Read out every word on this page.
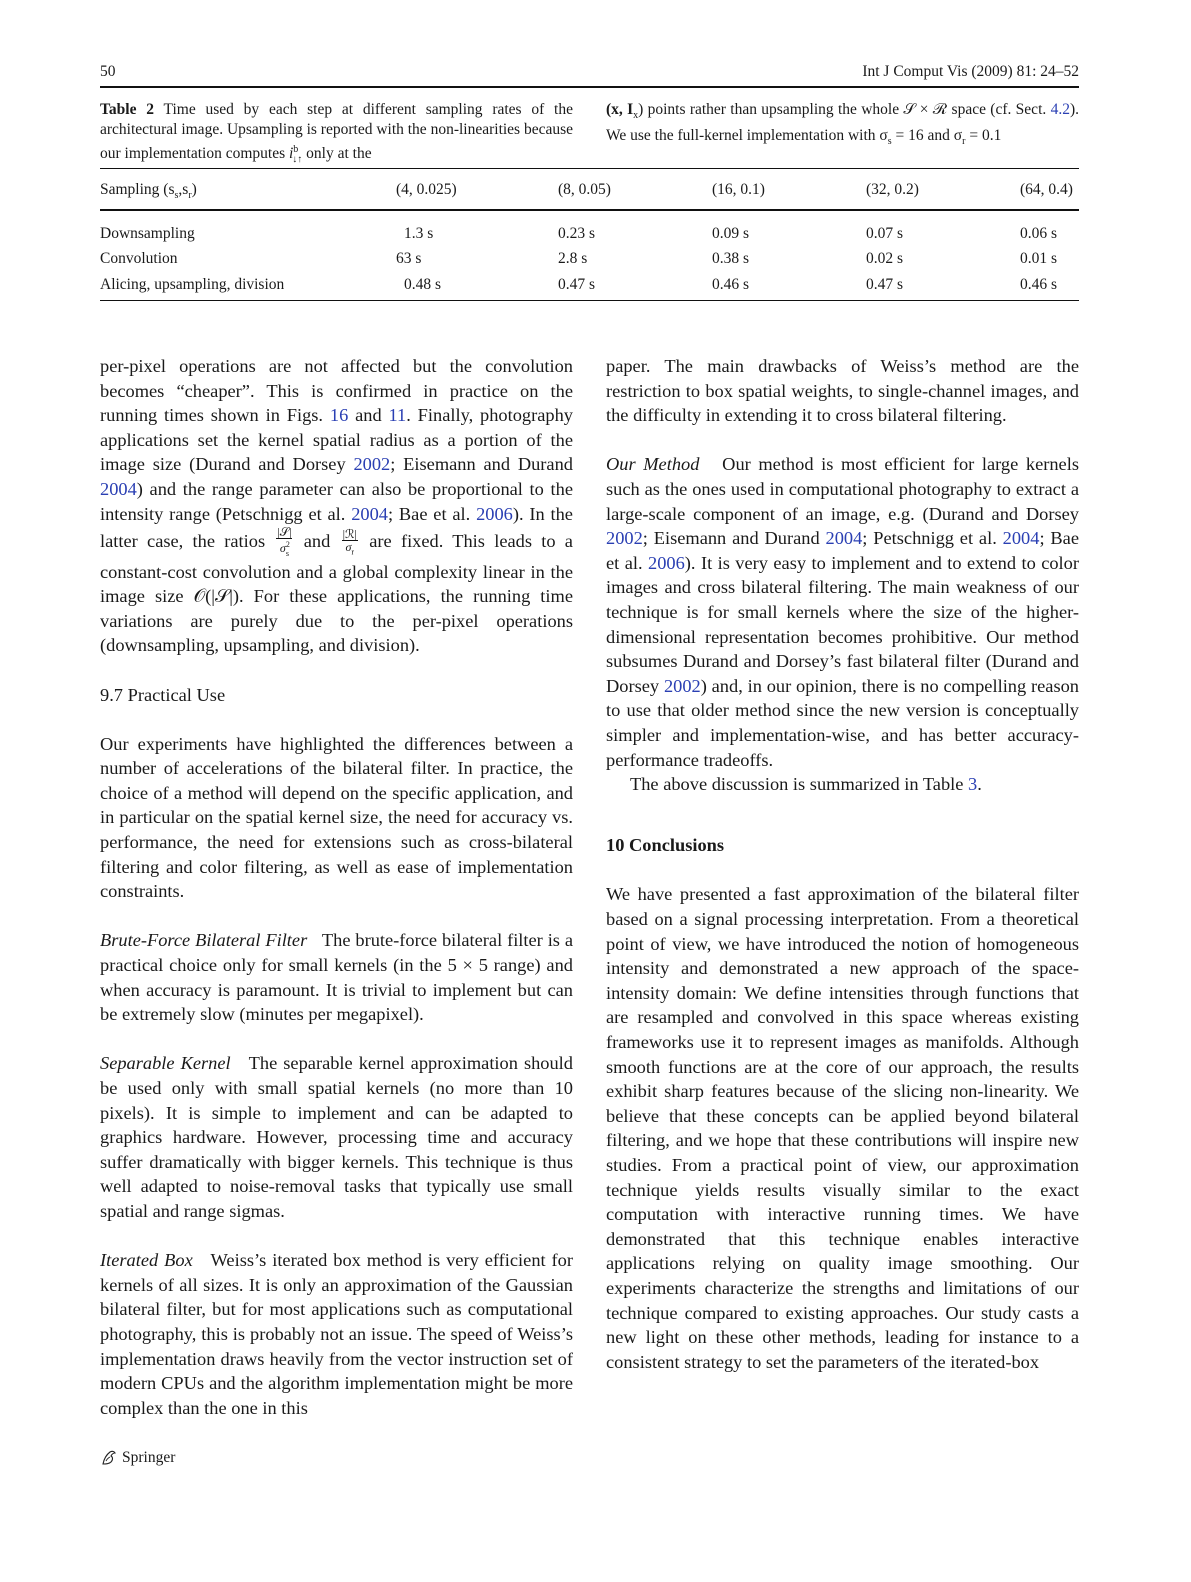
50	Int J Comput Vis (2009) 81: 24–52
Table 2 Time used by each step at different sampling rates of the architectural image. Upsampling is reported with the non-linearities because our implementation computes $i^b_{↓↑}$ only at the
(x, $I_x$) points rather than upsampling the whole 𝒮 × ℛ space (cf. Sect. 4.2). We use the full-kernel implementation with $\sigma_s = 16$ and $\sigma_r = 0.1$
Sampling $(s_s,s_r)$	(4, 0.025)	(8, 0.05)	(16, 0.1)	(32, 0.2)	(64, 0.4)
Downsampling	1.3 s	0.23 s	0.09 s	0.07 s	0.06 s
Convolution	63 s	2.8 s	0.38 s	0.02 s	0.01 s
Alicing, upsampling, division	0.48 s	0.47 s	0.46 s	0.47 s	0.46 s

per-pixel operations are not affected but the convolution becomes “cheaper”. This is confirmed in practice on the running times shown in Figs. 16 and 11. Finally, photography applications set the kernel spatial radius as a portion of the image size (Durand and Dorsey 2002; Eisemann and Durand 2004) and the range parameter can also be proportional to the intensity range (Petschnigg et al. 2004; Bae et al. 2006). In the latter case, the ratios $\frac{\text{|𝒮|}}{\sigma^2_s}$ and $\frac{\text{|ℛ|}}{\sigma_r}$ are fixed. This leads to a constant-cost convolution and a global complexity linear in the image size 𝒪(|𝒮|). For these applications, the running time variations are purely due to the per-pixel operations (downsampling, upsampling, and division).

9.7 Practical Use

Our experiments have highlighted the differences between a number of accelerations of the bilateral filter. In practice, the choice of a method will depend on the specific application, and in particular on the spatial kernel size, the need for accuracy vs. performance, the need for extensions such as cross-bilateral filtering and color filtering, as well as ease of implementation constraints.

Brute-Force Bilateral Filter The brute-force bilateral filter is a practical choice only for small kernels (in the 5 × 5 range) and when accuracy is paramount. It is trivial to implement but can be extremely slow (minutes per megapixel).

Separable Kernel The separable kernel approximation should be used only with small spatial kernels (no more than 10 pixels). It is simple to implement and can be adapted to graphics hardware. However, processing time and accuracy suffer dramatically with bigger kernels. This technique is thus well adapted to noise-removal tasks that typically use small spatial and range sigmas.

Iterated Box Weiss’s iterated box method is very efficient for kernels of all sizes. It is only an approximation of the Gaussian bilateral filter, but for most applications such as computational photography, this is probably not an issue. The speed of Weiss’s implementation draws heavily from the vector instruction set of modern CPUs and the algorithm implementation might be more complex than the one in this

paper. The main drawbacks of Weiss’s method are the restriction to box spatial weights, to single-channel images, and the difficulty in extending it to cross bilateral filtering.

Our Method Our method is most efficient for large kernels such as the ones used in computational photography to extract a large-scale component of an image, e.g. (Durand and Dorsey 2002; Eisemann and Durand 2004; Petschnigg et al. 2004; Bae et al. 2006). It is very easy to implement and to extend to color images and cross bilateral filtering. The main weakness of our technique is for small kernels where the size of the higher-dimensional representation becomes prohibitive. Our method subsumes Durand and Dorsey’s fast bilateral filter (Durand and Dorsey 2002) and, in our opinion, there is no compelling reason to use that older method since the new version is conceptually simpler and implementation-wise, and has better accuracy-performance tradeoffs.

The above discussion is summarized in Table 3.

10 Conclusions

We have presented a fast approximation of the bilateral filter based on a signal processing interpretation. From a theoretical point of view, we have introduced the notion of homogeneous intensity and demonstrated a new approach of the space-intensity domain: We define intensities through functions that are resampled and convolved in this space whereas existing frameworks use it to represent images as manifolds. Although smooth functions are at the core of our approach, the results exhibit sharp features because of the slicing non-linearity. We believe that these concepts can be applied beyond bilateral filtering, and we hope that these contributions will inspire new studies. From a practical point of view, our approximation technique yields results visually similar to the exact computation with interactive running times. We have demonstrated that this technique enables interactive applications relying on quality image smoothing. Our experiments characterize the strengths and limitations of our technique compared to existing approaches. Our study casts a new light on these other methods, leading for instance to a consistent strategy to set the parameters of the iterated-box

Springer
